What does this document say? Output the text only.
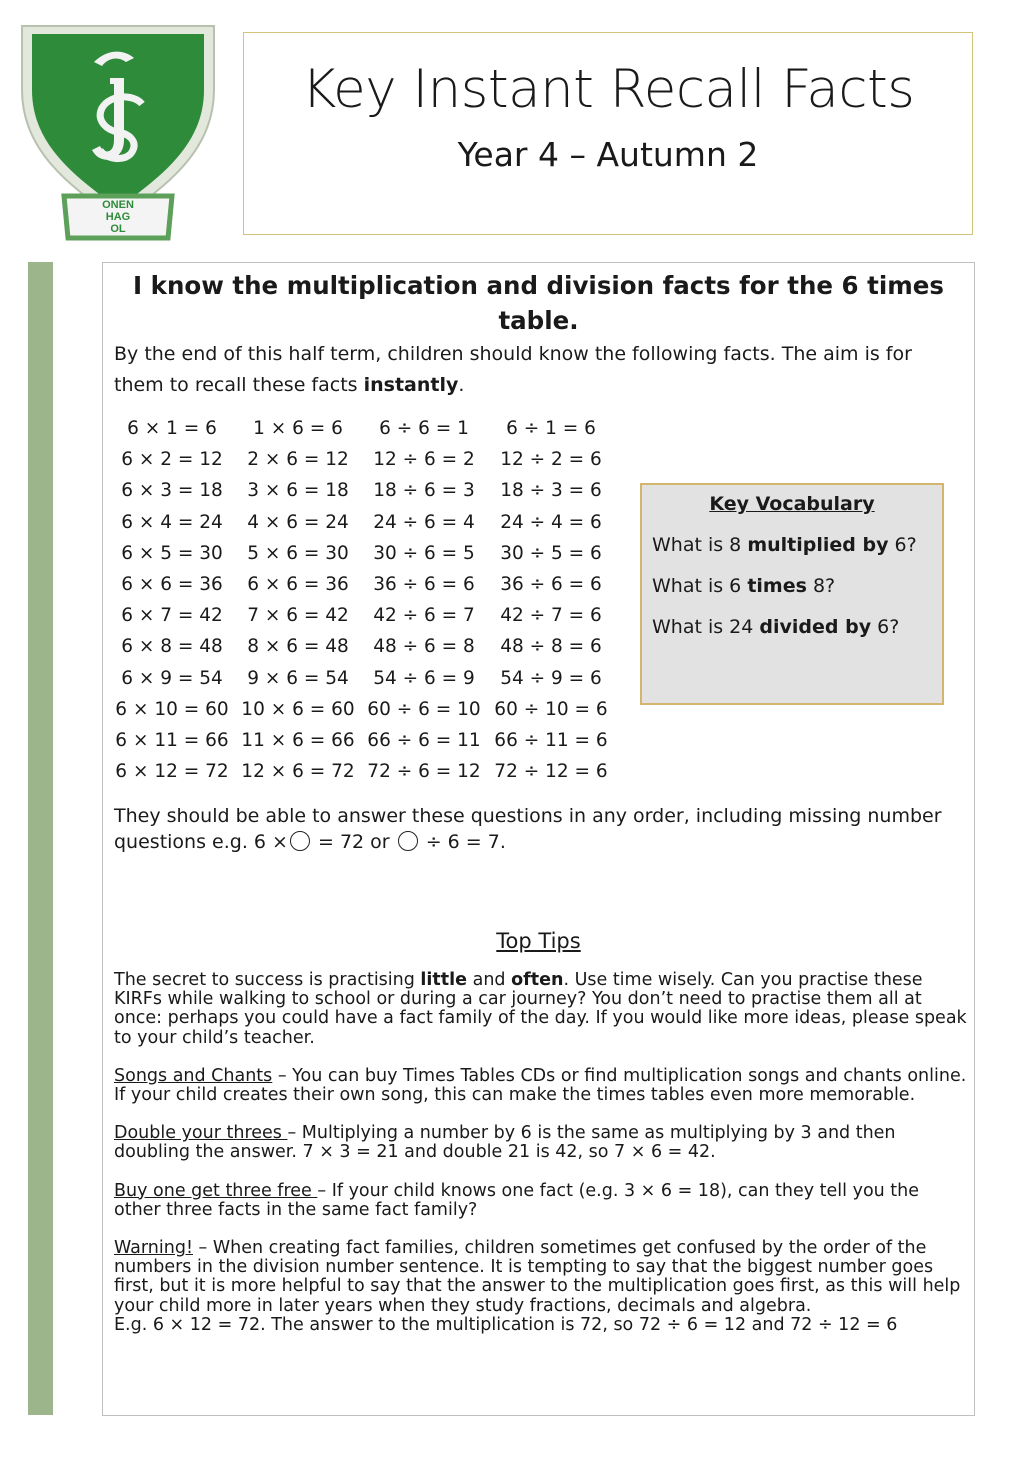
ONEN
HAG
OL
Key Instant Recall Facts
Year 4 – Autumn 2
I know the multiplication and division facts for the 6 times table.
By the end of this half term, children should know the following facts. The aim is for them to recall these facts instantly.
6 × 1 = 6
6 × 2 = 12
6 × 3 = 18
6 × 4 = 24
6 × 5 = 30
6 × 6 = 36
6 × 7 = 42
6 × 8 = 48
6 × 9 = 54
6 × 10 = 60
6 × 11 = 66
6 × 12 = 72
1 × 6 = 6
2 × 6 = 12
3 × 6 = 18
4 × 6 = 24
5 × 6 = 30
6 × 6 = 36
7 × 6 = 42
8 × 6 = 48
9 × 6 = 54
10 × 6 = 60
11 × 6 = 66
12 × 6 = 72
6 ÷ 6 = 1
12 ÷ 6 = 2
18 ÷ 6 = 3
24 ÷ 6 = 4
30 ÷ 6 = 5
36 ÷ 6 = 6
42 ÷ 6 = 7
48 ÷ 6 = 8
54 ÷ 6 = 9
60 ÷ 6 = 10
66 ÷ 6 = 11
72 ÷ 6 = 12
6 ÷ 1 = 6
12 ÷ 2 = 6
18 ÷ 3 = 6
24 ÷ 4 = 6
30 ÷ 5 = 6
36 ÷ 6 = 6
42 ÷ 7 = 6
48 ÷ 8 = 6
54 ÷ 9 = 6
60 ÷ 10 = 6
66 ÷ 11 = 6
72 ÷ 12 = 6
Key Vocabulary
What is 8 multiplied by 6?
What is 6 times 8?
What is 24 divided by 6?
They should be able to answer these questions in any order, including missing number questions e.g. 6 × = 72 or  ÷ 6 = 7.
Top Tips

The secret to success is practising little and often. Use time wisely. Can you practise these KIRFs while walking to school or during a car journey? You don’t need to practise them all at once: perhaps you could have a fact family of the day. If you would like more ideas, please speak to your child’s teacher.

Songs and Chants – You can buy Times Tables CDs or find multiplication songs and chants online. If your child creates their own song, this can make the times tables even more memorable.

Double your threes – Multiplying a number by 6 is the same as multiplying by 3 and then doubling the answer. 7 × 3 = 21 and double 21 is 42, so 7 × 6 = 42.

Buy one get three free – If your child knows one fact (e.g. 3 × 6 = 18), can they tell you the other three facts in the same fact family?

Warning! – When creating fact families, children sometimes get confused by the order of the numbers in the division number sentence. It is tempting to say that the biggest number goes first, but it is more helpful to say that the answer to the multiplication goes first, as this will help your child more in later years when they study fractions, decimals and algebra.
E.g. 6 × 12 = 72. The answer to the multiplication is 72, so 72 ÷ 6 = 12 and 72 ÷ 12 = 6
